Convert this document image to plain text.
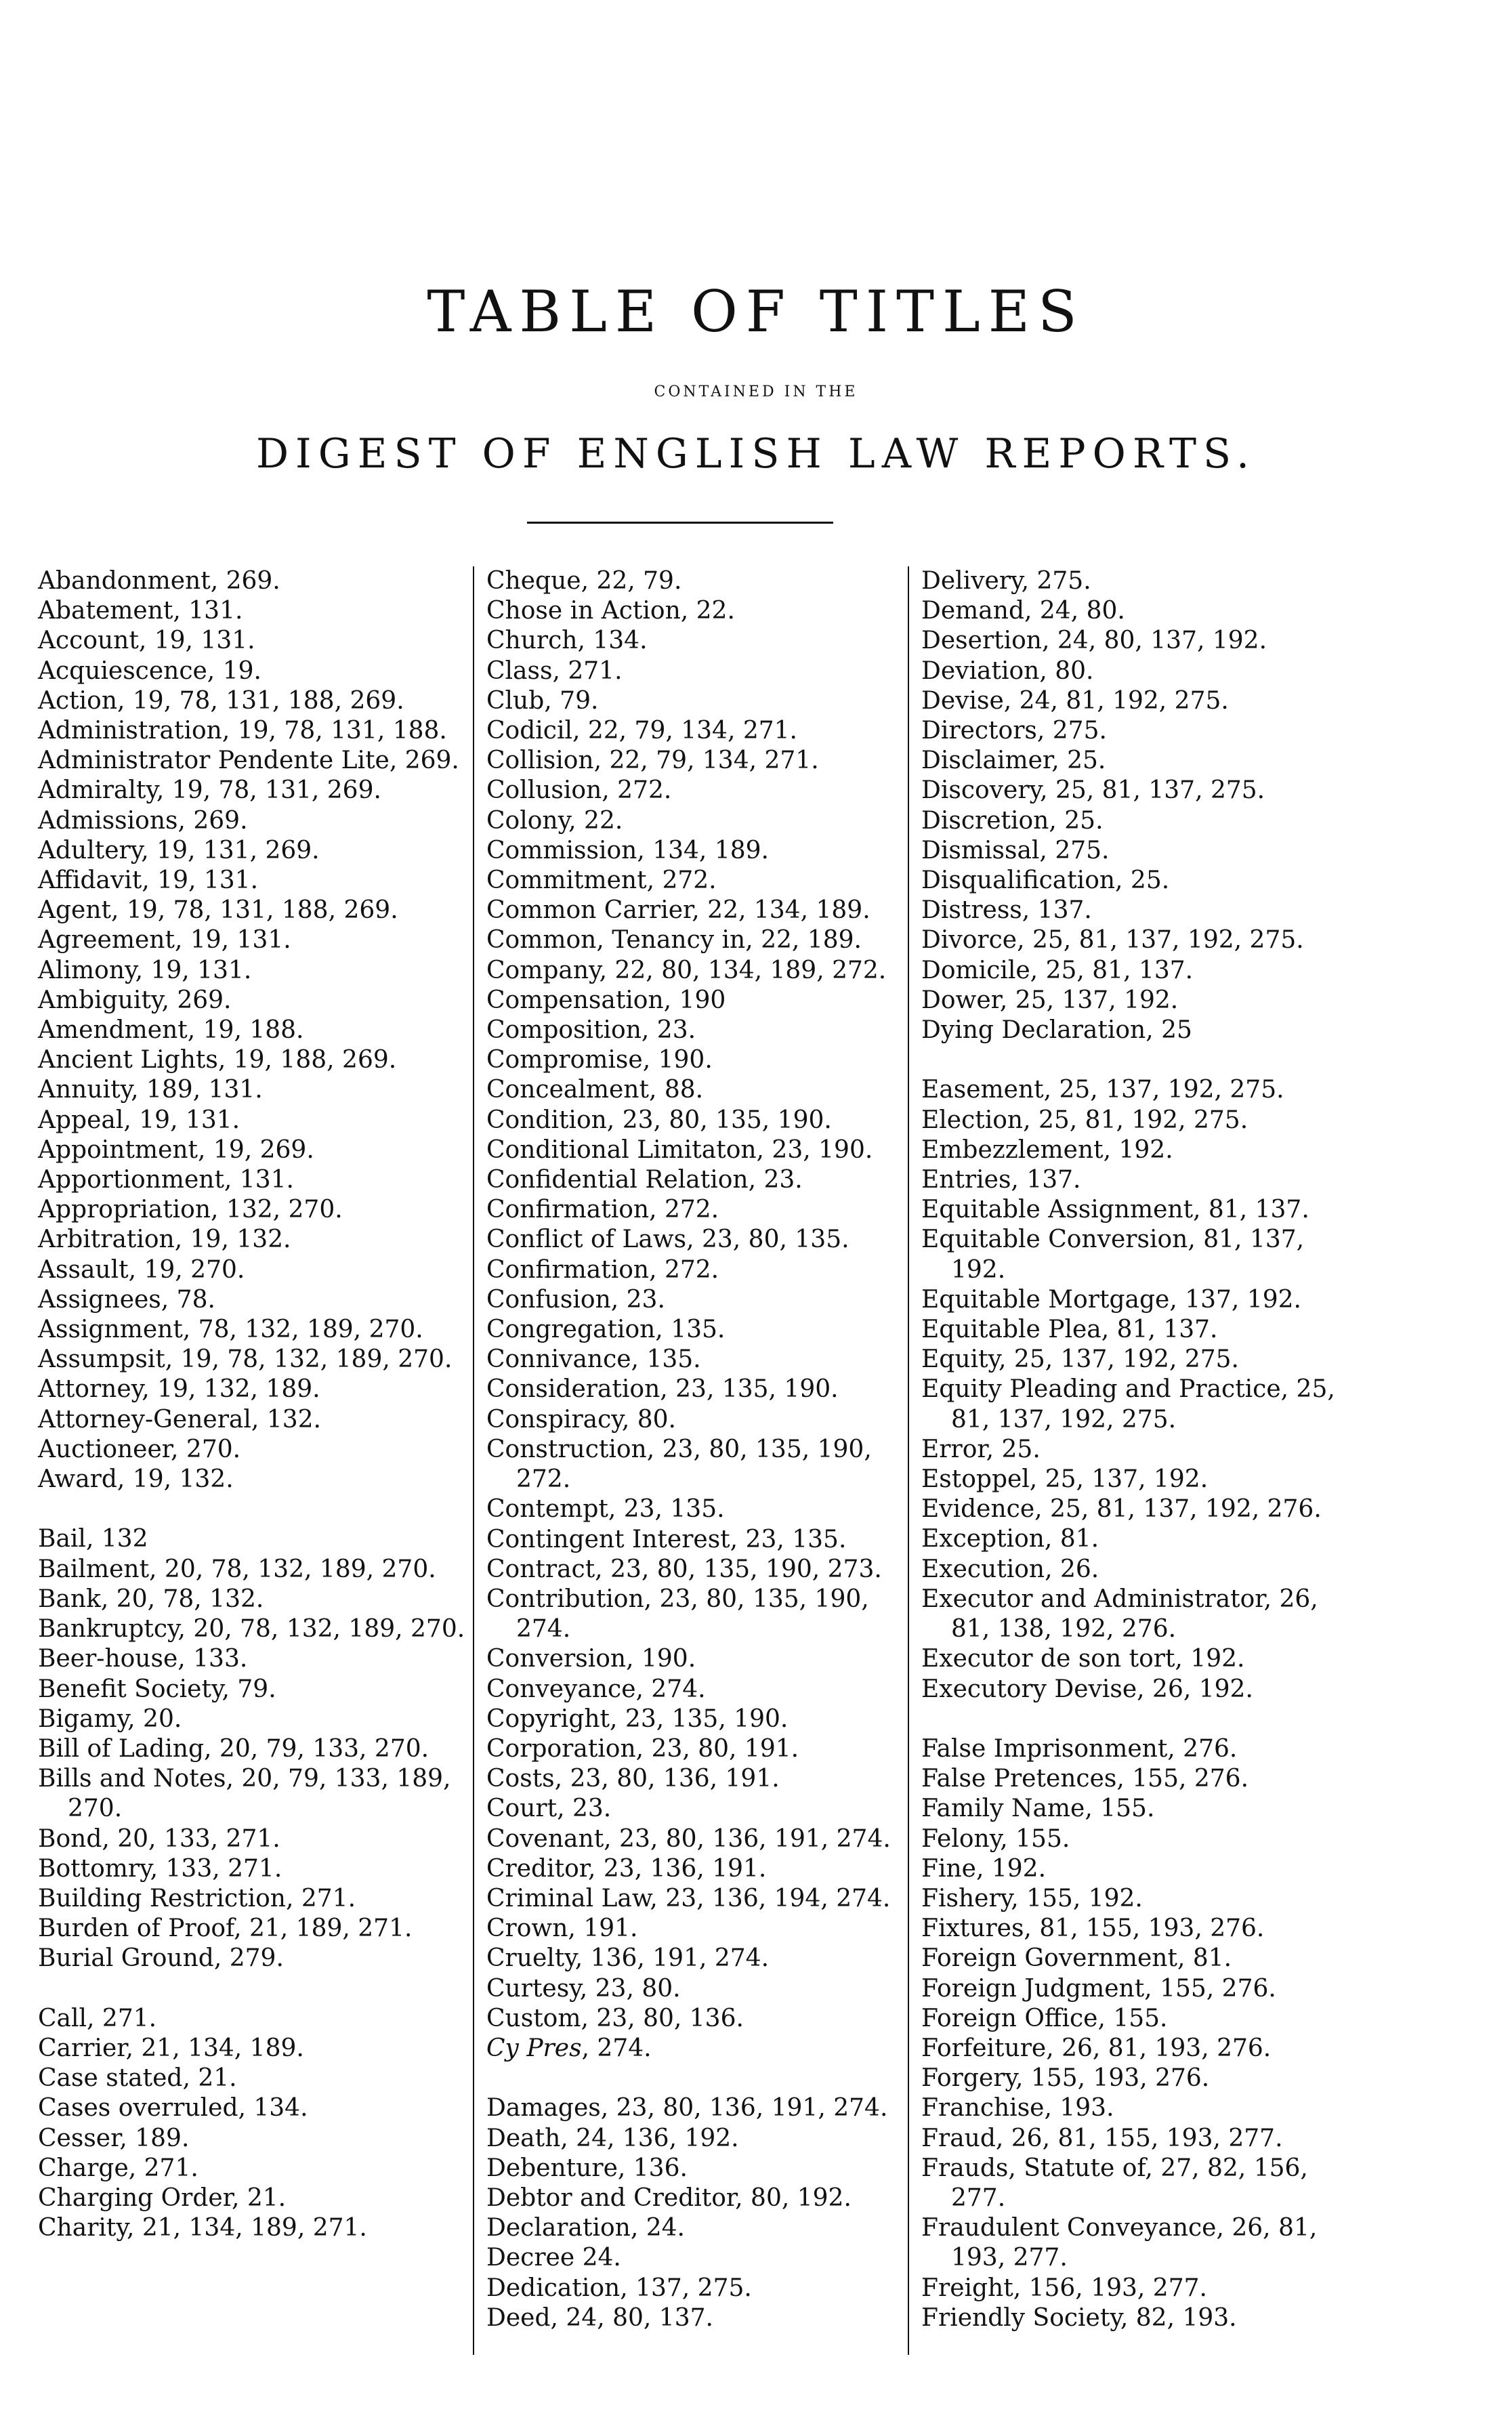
TABLE OF TITLES
CONTAINED IN THE
DIGEST OF ENGLISH LAW REPORTS.
Abandonment, 269.
Abatement, 131.
Account, 19, 131.
Acquiescence, 19.
Action, 19, 78, 131, 188, 269.
Administration, 19, 78, 131, 188.
Administrator Pendente Lite, 269.
Admiralty, 19, 78, 131, 269.
Admissions, 269.
Adultery, 19, 131, 269.
Affidavit, 19, 131.
Agent, 19, 78, 131, 188, 269.
Agreement, 19, 131.
Alimony, 19, 131.
Ambiguity, 269.
Amendment, 19, 188.
Ancient Lights, 19, 188, 269.
Annuity, 189, 131.
Appeal, 19, 131.
Appointment, 19, 269.
Apportionment, 131.
Appropriation, 132, 270.
Arbitration, 19, 132.
Assault, 19, 270.
Assignees, 78.
Assignment, 78, 132, 189, 270.
Assumpsit, 19, 78, 132, 189, 270.
Attorney, 19, 132, 189.
Attorney-General, 132.
Auctioneer, 270.
Award, 19, 132.
Bail, 132
Bailment, 20, 78, 132, 189, 270.
Bank, 20, 78, 132.
Bankruptcy, 20, 78, 132, 189, 270.
Beer-house, 133.
Benefit Society, 79.
Bigamy, 20.
Bill of Lading, 20, 79, 133, 270.
Bills and Notes, 20, 79, 133, 189, 270.
Bond, 20, 133, 271.
Bottomry, 133, 271.
Building Restriction, 271.
Burden of Proof, 21, 189, 271.
Burial Ground, 279.
Call, 271.
Carrier, 21, 134, 189.
Case stated, 21.
Cases overruled, 134.
Cesser, 189.
Charge, 271.
Charging Order, 21.
Charity, 21, 134, 189, 271.
Cheque, 22, 79.
Chose in Action, 22.
Church, 134.
Class, 271.
Club, 79.
Codicil, 22, 79, 134, 271.
Collision, 22, 79, 134, 271.
Collusion, 272.
Colony, 22.
Commission, 134, 189.
Commitment, 272.
Common Carrier, 22, 134, 189.
Common, Tenancy in, 22, 189.
Company, 22, 80, 134, 189, 272.
Compensation, 190
Composition, 23.
Compromise, 190.
Concealment, 88.
Condition, 23, 80, 135, 190.
Conditional Limitaton, 23, 190.
Confidential Relation, 23.
Confirmation, 272.
Conflict of Laws, 23, 80, 135.
Confirmation, 272.
Confusion, 23.
Congregation, 135.
Connivance, 135.
Consideration, 23, 135, 190.
Conspiracy, 80.
Construction, 23, 80, 135, 190, 272.
Contempt, 23, 135.
Contingent Interest, 23, 135.
Contract, 23, 80, 135, 190, 273.
Contribution, 23, 80, 135, 190, 274.
Conversion, 190.
Conveyance, 274.
Copyright, 23, 135, 190.
Corporation, 23, 80, 191.
Costs, 23, 80, 136, 191.
Court, 23.
Covenant, 23, 80, 136, 191, 274.
Creditor, 23, 136, 191.
Criminal Law, 23, 136, 194, 274.
Crown, 191.
Cruelty, 136, 191, 274.
Curtesy, 23, 80.
Custom, 23, 80, 136.
Cy Pres, 274.
Damages, 23, 80, 136, 191, 274.
Death, 24, 136, 192.
Debenture, 136.
Debtor and Creditor, 80, 192.
Declaration, 24.
Decree 24.
Dedication, 137, 275.
Deed, 24, 80, 137.
Delivery, 275.
Demand, 24, 80.
Desertion, 24, 80, 137, 192.
Deviation, 80.
Devise, 24, 81, 192, 275.
Directors, 275.
Disclaimer, 25.
Discovery, 25, 81, 137, 275.
Discretion, 25.
Dismissal, 275.
Disqualification, 25.
Distress, 137.
Divorce, 25, 81, 137, 192, 275.
Domicile, 25, 81, 137.
Dower, 25, 137, 192.
Dying Declaration, 25
Easement, 25, 137, 192, 275.
Election, 25, 81, 192, 275.
Embezzlement, 192.
Entries, 137.
Equitable Assignment, 81, 137.
Equitable Conversion, 81, 137, 192.
Equitable Mortgage, 137, 192.
Equitable Plea, 81, 137.
Equity, 25, 137, 192, 275.
Equity Pleading and Practice, 25, 81, 137, 192, 275.
Error, 25.
Estoppel, 25, 137, 192.
Evidence, 25, 81, 137, 192, 276.
Exception, 81.
Execution, 26.
Executor and Administrator, 26, 81, 138, 192, 276.
Executor de son tort, 192.
Executory Devise, 26, 192.
False Imprisonment, 276.
False Pretences, 155, 276.
Family Name, 155.
Felony, 155.
Fine, 192.
Fishery, 155, 192.
Fixtures, 81, 155, 193, 276.
Foreign Government, 81.
Foreign Judgment, 155, 276.
Foreign Office, 155.
Forfeiture, 26, 81, 193, 276.
Forgery, 155, 193, 276.
Franchise, 193.
Fraud, 26, 81, 155, 193, 277.
Frauds, Statute of, 27, 82, 156, 277.
Fraudulent Conveyance, 26, 81, 193, 277.
Freight, 156, 193, 277.
Friendly Society, 82, 193.
